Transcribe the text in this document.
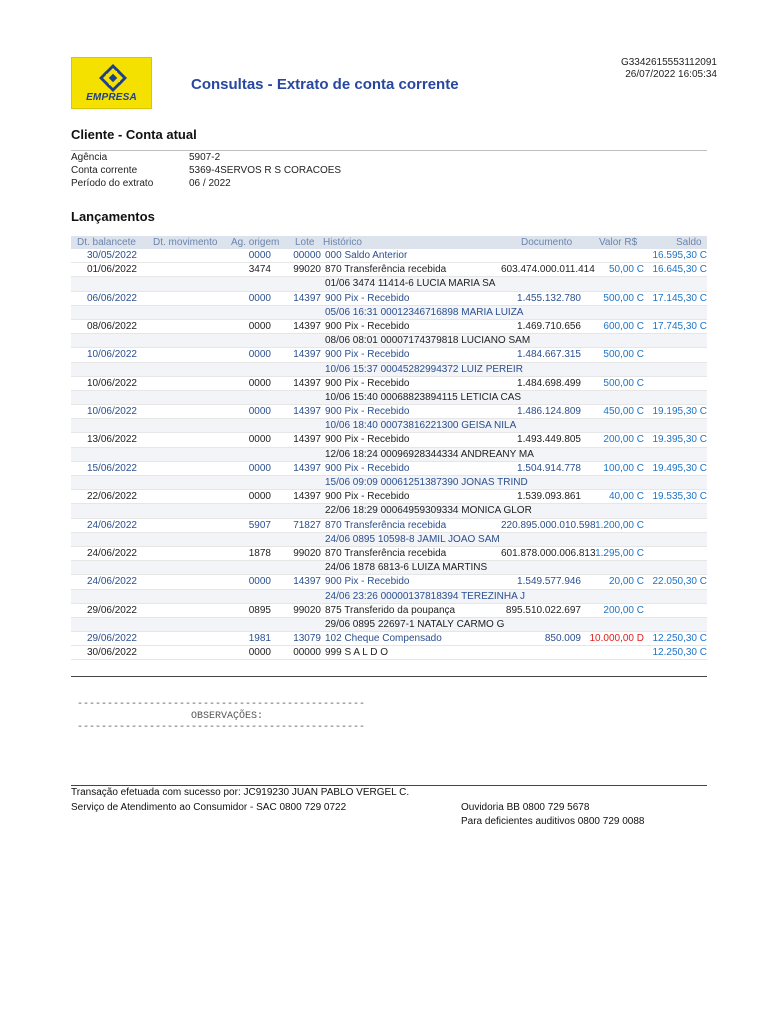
EMPRESA
Consultas - Extrato de conta corrente
G3342615553112091
26/07/2022 16:05:34
Cliente - Conta atual
Agência	5907-2
Conta corrente	5369-4SERVOS R S CORACOES
Período do extrato	06 / 2022
Lançamentos
Dt. balancete Dt. movimento Ag. origem Lote Histórico	Documento	Valor R$	Saldo
30/05/2022	0000	00000 000 Saldo Anterior	16.595,30 C
01/06/2022	3474	99020 870 Transferência recebida	603.474.000.011.414	50,00 C 16.645,30 C
01/06 3474 11414-6 LUCIA MARIA SA
06/06/2022	0000	14397 900 Pix - Recebido	1.455.132.780	500,00 C 17.145,30 C
05/06 16:31 00012346716898 MARIA LUIZA
08/06/2022	0000	14397 900 Pix - Recebido	1.469.710.656	600,00 C 17.745,30 C
08/06 08:01 00007174379818 LUCIANO SAM
10/06/2022	0000	14397 900 Pix - Recebido	1.484.667.315	500,00 C
10/06 15:37 00045282994372 LUIZ PEREIR
10/06/2022	0000	14397 900 Pix - Recebido	1.484.698.499	500,00 C
10/06 15:40 00068823894115 LETICIA CAS
10/06/2022	0000	14397 900 Pix - Recebido	1.486.124.809	450,00 C 19.195,30 C
10/06 18:40 00073816221300 GEISA NILA
13/06/2022	0000	14397 900 Pix - Recebido	1.493.449.805	200,00 C 19.395,30 C
12/06 18:24 00096928344334 ANDREANY MA
15/06/2022	0000	14397 900 Pix - Recebido	1.504.914.778	100,00 C 19.495,30 C
15/06 09:09 00061251387390 JONAS TRIND
22/06/2022	0000	14397 900 Pix - Recebido	1.539.093.861	40,00 C 19.535,30 C
22/06 18:29 00064959309334 MONICA GLOR
24/06/2022	5907	71827 870 Transferência recebida	220.895.000.010.598 1.200,00 C
24/06 0895 10598-8 JAMIL JOAO SAM
24/06/2022	1878	99020 870 Transferência recebida	601.878.000.006.813 1.295,00 C
24/06 1878 6813-6 LUIZA MARTINS
24/06/2022	0000	14397 900 Pix - Recebido	1.549.577.946	20,00 C 22.050,30 C
24/06 23:26 00000137818394 TEREZINHA J
29/06/2022	0895	99020 875 Transferido da poupança	895.510.022.697	200,00 C
29/06 0895 22697-1 NATALY CARMO G
29/06/2022	1981	13079 102 Cheque Compensado	850.009 10.000,00 D 12.250,30 C
30/06/2022	0000	00000 999 S A L D O	12.250,30 C
------------------------------------------------
OBSERVAÇÕES:
------------------------------------------------
Transação efetuada com sucesso por: JC919230 JUAN PABLO VERGEL C.
Serviço de Atendimento ao Consumidor - SAC 0800 729 0722	Ouvidoria BB 0800 729 5678
Para deficientes auditivos 0800 729 0088
